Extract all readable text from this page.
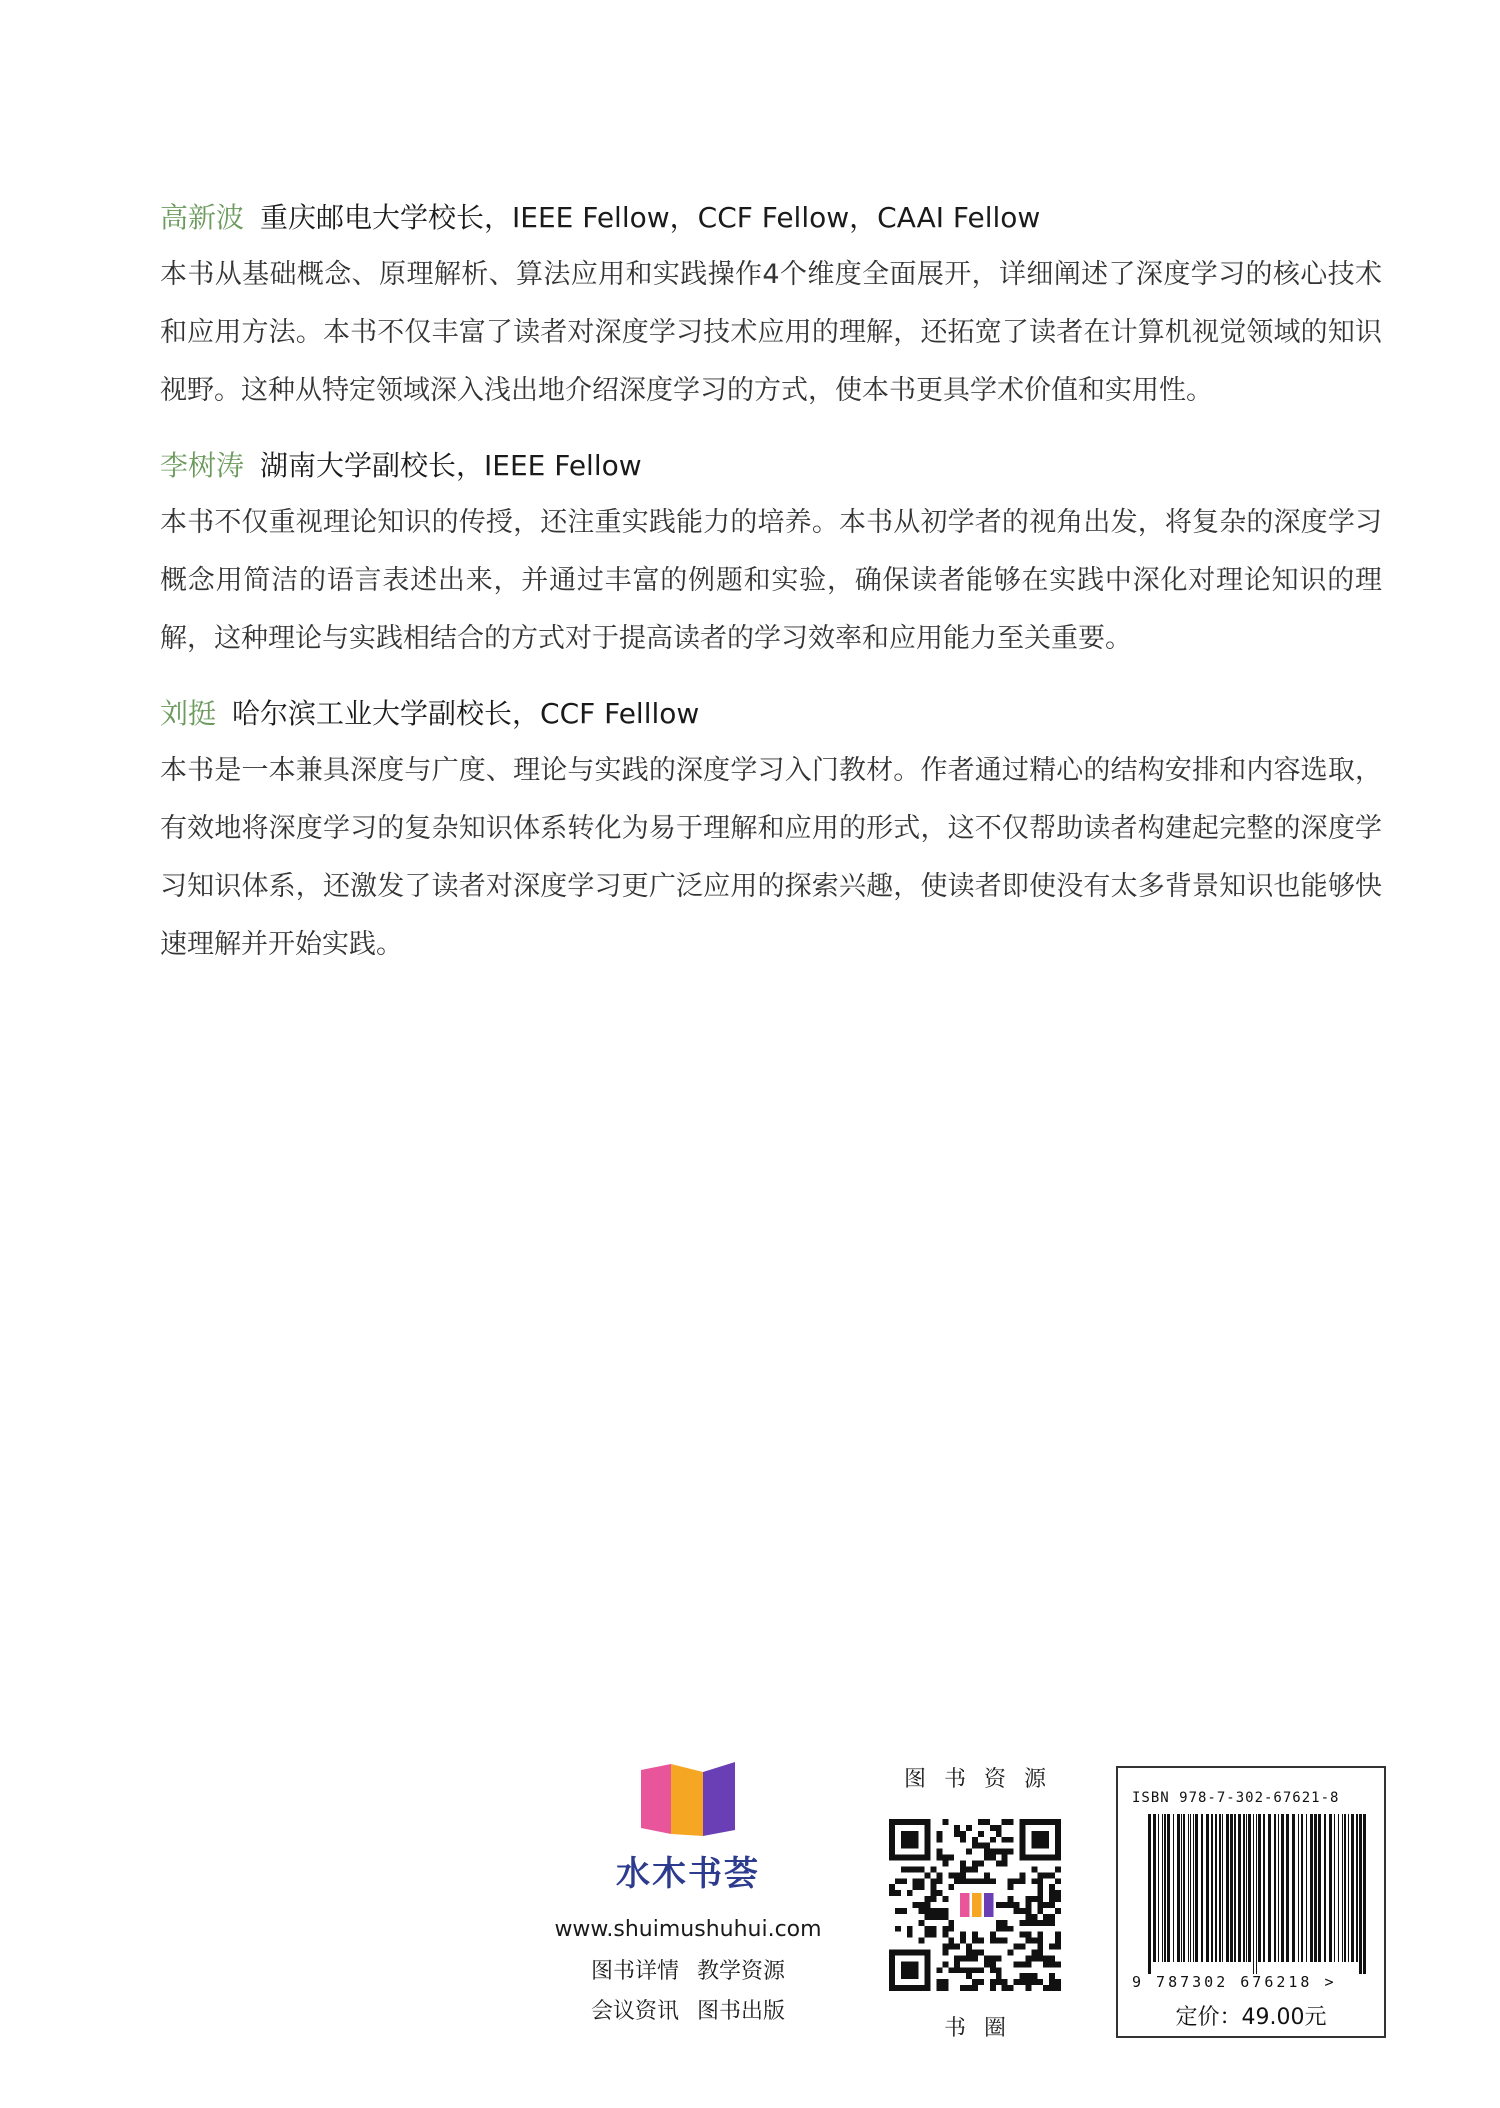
高新波 重庆邮电大学校长，IEEE Fellow，CCF Fellow，CAAI Fellow

本书从基础概念、原理解析、算法应用和实践操作4个维度全面展开，详细阐述了深度学习的核心技术和应用方法。本书不仅丰富了读者对深度学习技术应用的理解，还拓宽了读者在计算机视觉领域的知识视野。这种从特定领域深入浅出地介绍深度学习的方式，使本书更具学术价值和实用性。

李树涛 湖南大学副校长，IEEE Fellow

本书不仅重视理论知识的传授，还注重实践能力的培养。本书从初学者的视角出发，将复杂的深度学习概念用简洁的语言表述出来，并通过丰富的例题和实验，确保读者能够在实践中深化对理论知识的理解，这种理论与实践相结合的方式对于提高读者的学习效率和应用能力至关重要。

刘挺 哈尔滨工业大学副校长，CCF Felllow

本书是一本兼具深度与广度、理论与实践的深度学习入门教材。作者通过精心的结构安排和内容选取，有效地将深度学习的复杂知识体系转化为易于理解和应用的形式，这不仅帮助读者构建起完整的深度学习知识体系，还激发了读者对深度学习更广泛应用的探索兴趣，使读者即使没有太多背景知识也能够快速理解并开始实践。

水木书荟
www.shuimushuhui.com
图书详情 教学资源
会议资讯 图书出版
图书资源
书圈
ISBN 978-7-302-67621-8
9 787302 676218 >
定价：49.00元
